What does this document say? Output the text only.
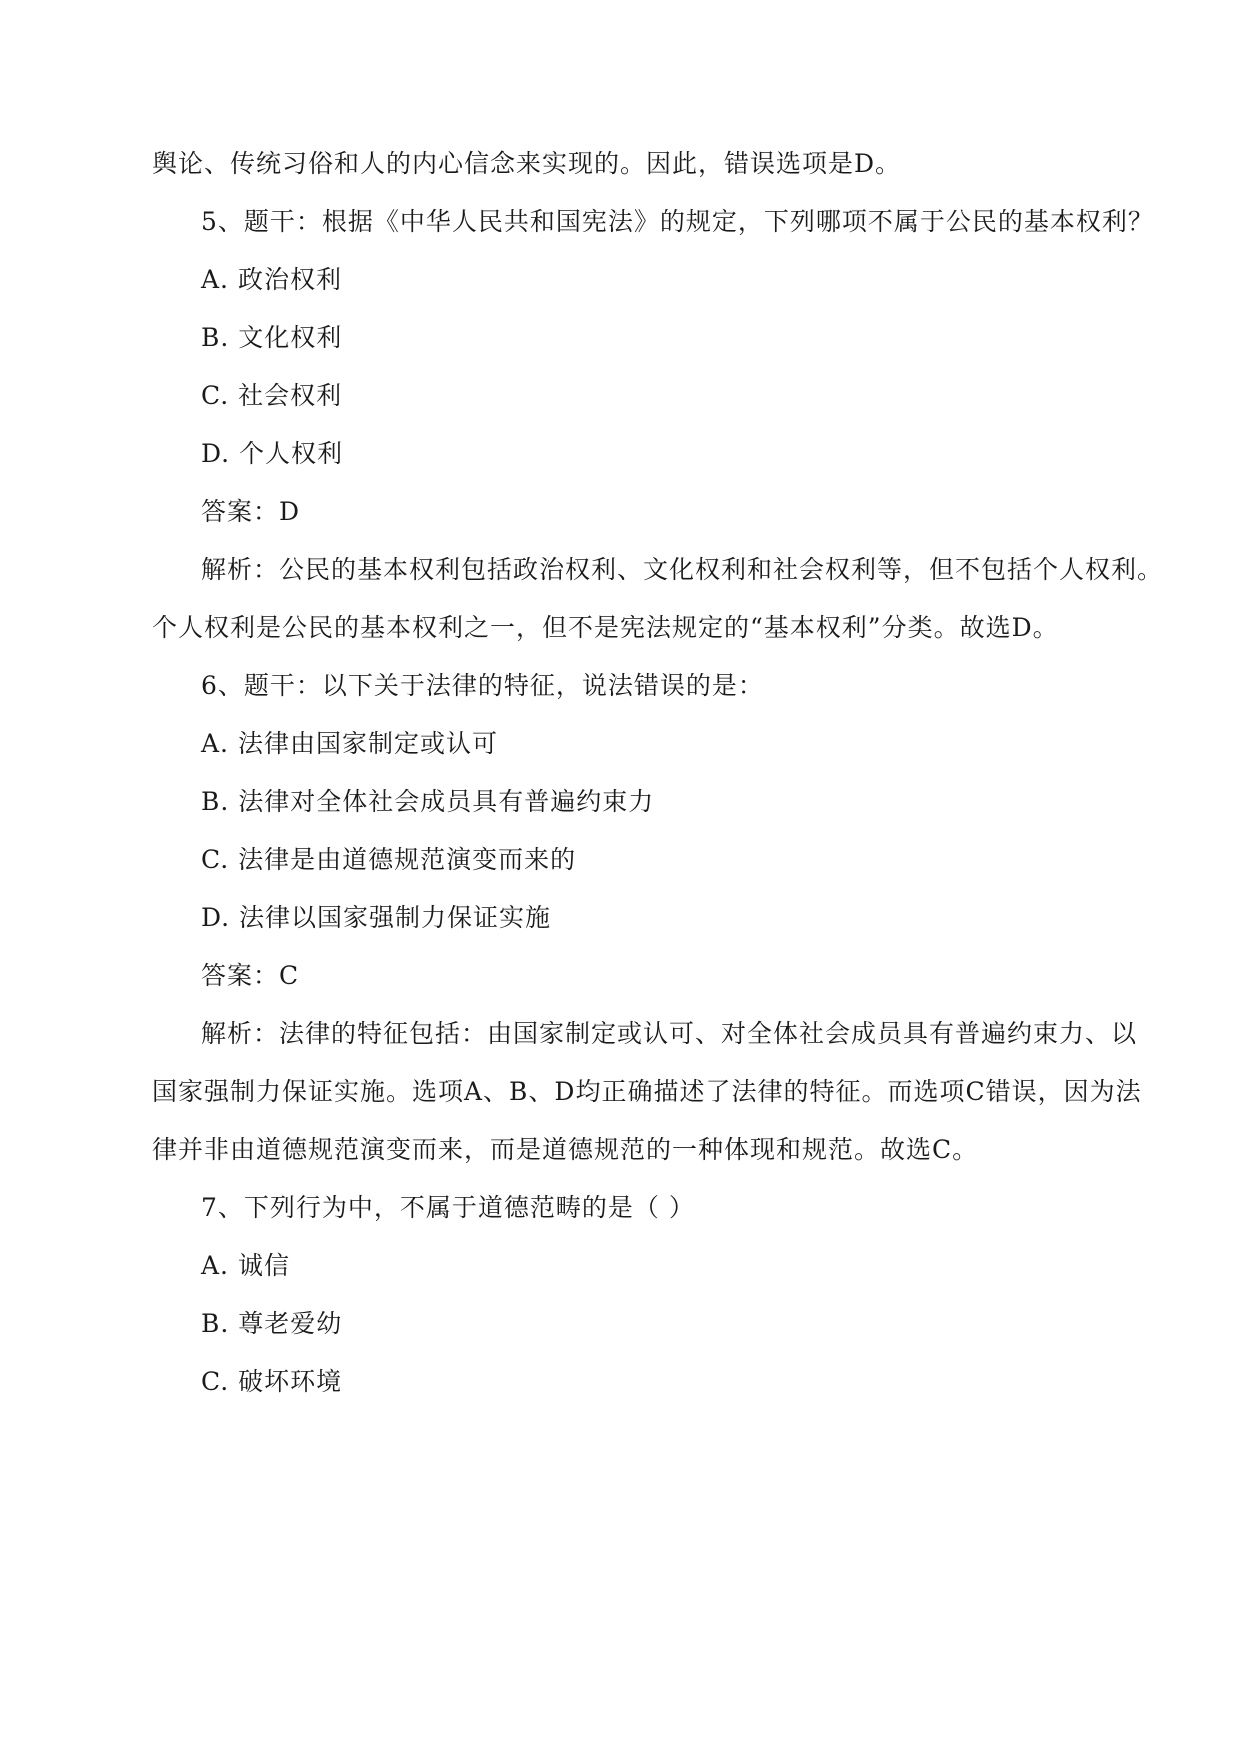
舆论、传统习俗和人的内心信念来实现的。因此，错误选项是D。
5、题干：根据《中华人民共和国宪法》的规定，下列哪项不属于公民的基本权利？
A. 政治权利
B. 文化权利
C. 社会权利
D. 个人权利
答案：D
解析：公民的基本权利包括政治权利、文化权利和社会权利等，但不包括个人权利。
个人权利是公民的基本权利之一，但不是宪法规定的“基本权利”分类。故选D。
6、题干：以下关于法律的特征，说法错误的是：
A. 法律由国家制定或认可
B. 法律对全体社会成员具有普遍约束力
C. 法律是由道德规范演变而来的
D. 法律以国家强制力保证实施
答案：C
解析：法律的特征包括：由国家制定或认可、对全体社会成员具有普遍约束力、以
国家强制力保证实施。选项A、B、D均正确描述了法律的特征。而选项C错误，因为法
律并非由道德规范演变而来，而是道德规范的一种体现和规范。故选C。
7、下列行为中，不属于道德范畴的是（ ）
A. 诚信
B. 尊老爱幼
C. 破坏环境
